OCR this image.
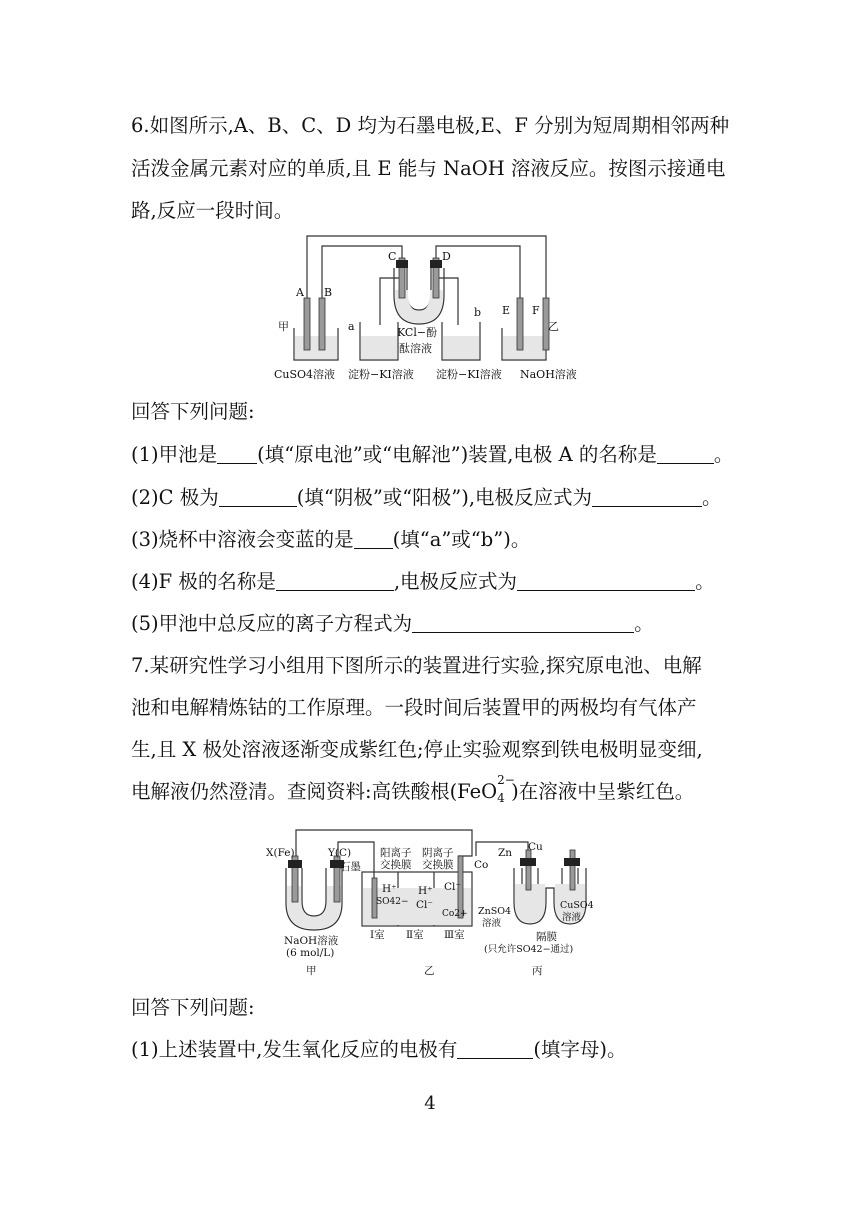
6.如图所示,A、B、C、D 均为石墨电极,E、F 分别为短周期相邻两种
活泼金属元素对应的单质,且 E 能与 NaOH 溶液反应。按图示接通电
路,反应一段时间。
A B
C	D
E F
甲	乙
a
b
KCl−酚
酞溶液
CuSO4溶液 淀粉−KI溶液 淀粉−KI溶液 NaOH溶液
回答下列问题:
(1)甲池是 (填“原电池”或“电解池”)装置,电极 A 的名称是	。
(2)C 极为	(填“阴极”或“阳极”),电极反应式为	。
(3)烧杯中溶液会变蓝的是 (填“a”或“b”)。
(4)F 极的名称是	,电极反应式为	。
(5)甲池中总反应的离子方程式为	。
7.某研究性学习小组用下图所示的装置进行实验,探究原电池、电解
池和电解精炼钴的工作原理。一段时间后装置甲的两极均有气体产
生,且 X 极处溶液逐渐变成紫红色;停止实验观察到铁电极明显变细,
电解液仍然澄清。查阅资料:高铁酸根(FeO 2−
4 )在溶液中呈紫红色。
X(Fe)	Y(C)
石墨
阳离子
交换膜
阴离子
交换膜 Co
Zn Cu
H⁺
SO42−
H⁺
Cl⁻
Cl⁻
Co2+
NaOH溶液
(6 mol/L)
Ⅰ室 Ⅱ室 Ⅲ室
ZnSO4
溶液
CuSO4
溶液
隔膜
(只允许SO42−通过)
甲	乙	丙
回答下列问题:
(1)上述装置中,发生氧化反应的电极有	(填字母)。
4
